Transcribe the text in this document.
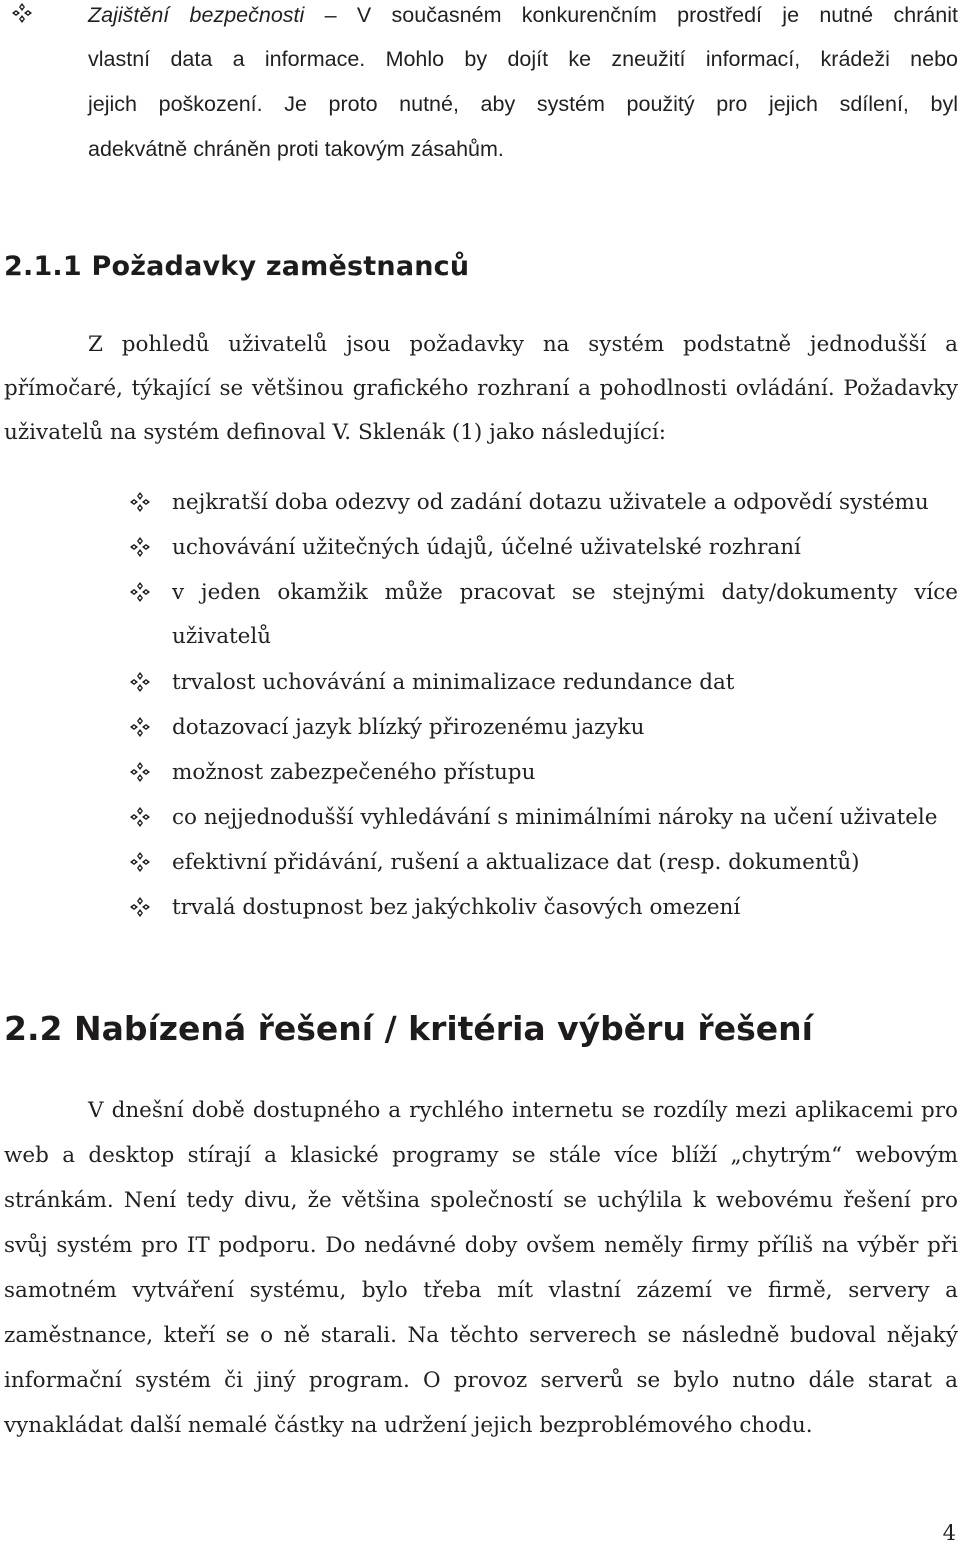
Zajištění bezpečnosti – V současném konkurenčním prostředí je nutné chránit
vlastní data a informace. Mohlo by dojít ke zneužití informací, krádeži nebo
jejich poškození. Je proto nutné, aby systém použitý pro jejich sdílení, byl
adekvátně chráněn proti takovým zásahům.
2.1.1 Požadavky zaměstnanců
Z pohledů uživatelů jsou požadavky na systém podstatně jednodušší a
přímočaré, týkající se většinou grafického rozhraní a pohodlnosti ovládání. Požadavky
uživatelů na systém definoval V. Sklenák (1) jako následující:
nejkratší doba odezvy od zadání dotazu uživatele a odpovědí systému
uchovávání užitečných údajů, účelné uživatelské rozhraní
v jeden okamžik může pracovat se stejnými daty/dokumenty více
uživatelů
trvalost uchovávání a minimalizace redundance dat
dotazovací jazyk blízký přirozenému jazyku
možnost zabezpečeného přístupu
co nejjednodušší vyhledávání s minimálními nároky na učení uživatele
efektivní přidávání, rušení a aktualizace dat (resp. dokumentů)
trvalá dostupnost bez jakýchkoliv časových omezení
2.2 Nabízená řešení / kritéria výběru řešení
V dnešní době dostupného a rychlého internetu se rozdíly mezi aplikacemi pro
web a desktop stírají a klasické programy se stále více blíží „chytrým“ webovým
stránkám. Není tedy divu, že většina společností se uchýlila k webovému řešení pro
svůj systém pro IT podporu. Do nedávné doby ovšem neměly firmy příliš na výběr při
samotném vytváření systému, bylo třeba mít vlastní zázemí ve firmě, servery a
zaměstnance, kteří se o ně starali. Na těchto serverech se následně budoval nějaký
informační systém či jiný program. O provoz serverů se bylo nutno dále starat a
vynakládat další nemalé částky na udržení jejich bezproblémového chodu.
4
